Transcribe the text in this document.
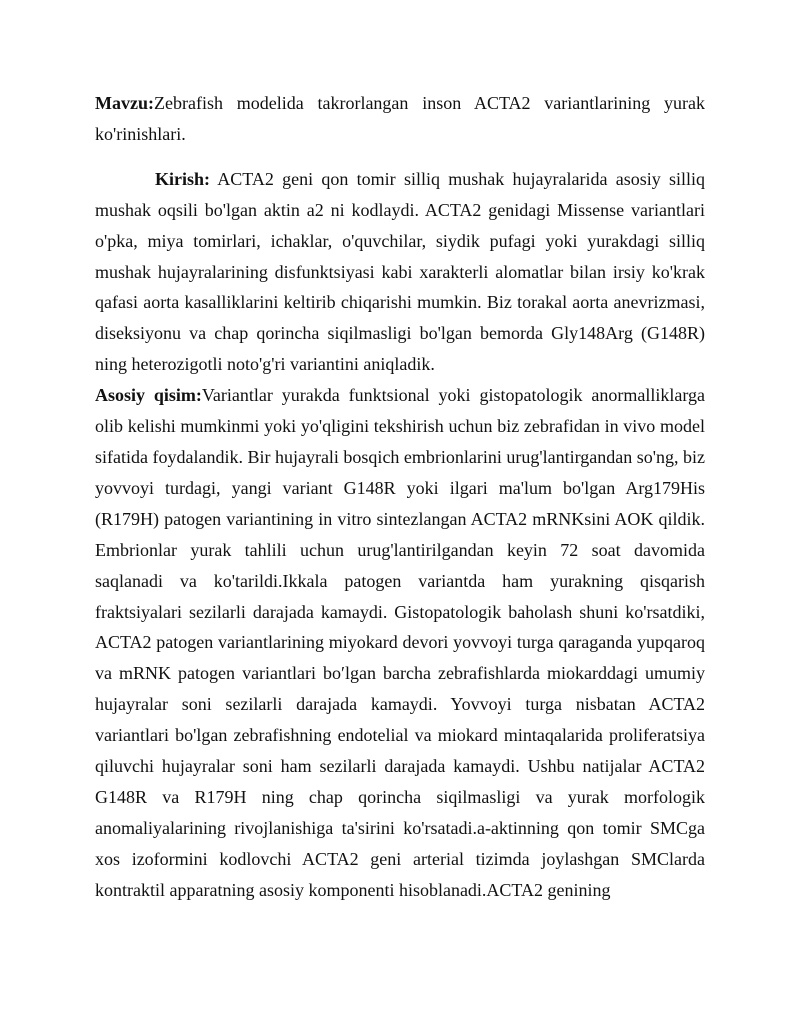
Mavzu:Zebrafish modelida takrorlangan inson ACTA2 variantlarining yurak ko'rinishlari.

Kirish: ACTA2 geni qon tomir silliq mushak hujayralarida asosiy silliq mushak oqsili bo'lgan aktin a2 ni kodlaydi. ACTA2 genidagi Missense variantlari o'pka, miya tomirlari, ichaklar, o'quvchilar, siydik pufagi yoki yurakdagi silliq mushak hujayralarining disfunktsiyasi kabi xarakterli alomatlar bilan irsiy ko'krak qafasi aorta kasalliklarini keltirib chiqarishi mumkin. Biz torakal aorta anevrizmasi, diseksiyonu va chap qorincha siqilmasligi bo'lgan bemorda Gly148Arg (G148R) ning heterozigotli noto'g'ri variantini aniqladik.

Asosiy qisim:Variantlar yurakda funktsional yoki gistopatologik anormalliklarga olib kelishi mumkinmi yoki yo'qligini tekshirish uchun biz zebrafidan in vivo model sifatida foydalandik. Bir hujayrali bosqich embrionlarini urug'lantirgandan so'ng, biz yovvoyi turdagi, yangi variant G148R yoki ilgari ma'lum bo'lgan Arg179His (R179H) patogen variantining in vitro sintezlangan ACTA2 mRNKsini AOK qildik. Embrionlar yurak tahlili uchun urug'lantirilgandan keyin 72 soat davomida saqlanadi va ko'tarildi.Ikkala patogen variantda ham yurakning qisqarish fraktsiyalari sezilarli darajada kamaydi. Gistopatologik baholash shuni ko'rsatdiki, ACTA2 patogen variantlarining miyokard devori yovvoyi turga qaraganda yupqaroq va mRNK patogen variantlari bo′lgan barcha zebrafishlarda miokarddagi umumiy hujayralar soni sezilarli darajada kamaydi. Yovvoyi turga nisbatan ACTA2 variantlari bo'lgan zebrafishning endotelial va miokard mintaqalarida proliferatsiya qiluvchi hujayralar soni ham sezilarli darajada kamaydi. Ushbu natijalar ACTA2 G148R va R179H ning chap qorincha siqilmasligi va yurak morfologik anomaliyalarining rivojlanishiga ta'sirini ko'rsatadi.a-aktinning qon tomir SMCga xos izoformini kodlovchi ACTA2 geni arterial tizimda joylashgan SMClarda kontraktil apparatning asosiy komponenti hisoblanadi.ACTA2 genining
